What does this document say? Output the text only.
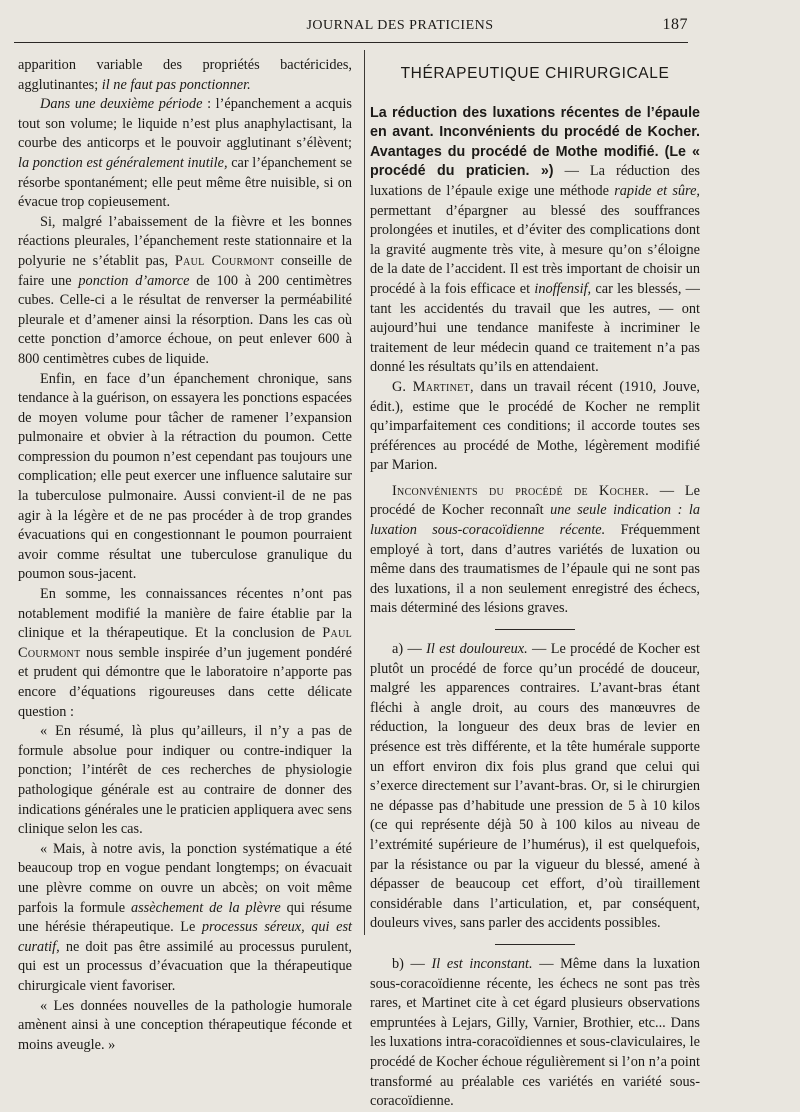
JOURNAL DES PRATICIENS	187

apparition variable des propriétés bactéricides, agglutinantes; il ne faut pas ponctionner.

Dans une deuxième période : l’épanchement a acquis tout son volume; le liquide n’est plus anaphylactisant, la courbe des anticorps et le pouvoir agglutinant s’élèvent; la ponction est généralement inutile, car l’épanchement se résorbe spontanément; elle peut même être nuisible, si on évacue trop copieusement.

Si, malgré l’abaissement de la fièvre et les bonnes réactions pleurales, l’épanchement reste stationnaire et la polyurie ne s’établit pas, Paul Courmont conseille de faire une ponction d’amorce de 100 à 200 centimètres cubes. Celle-ci a le résultat de renverser la perméabilité pleurale et d’amener ainsi la résorption. Dans les cas où cette ponction d’amorce échoue, on peut enlever 600 à 800 centimètres cubes de liquide.

Enfin, en face d’un épanchement chronique, sans tendance à la guérison, on essayera les ponctions espacées de moyen volume pour tâcher de ramener l’expansion pulmonaire et obvier à la rétraction du poumon. Cette compression du poumon n’est cependant pas toujours une complication; elle peut exercer une influence salutaire sur la tuberculose pulmonaire. Aussi convient-il de ne pas agir à la légère et de ne pas procéder à de trop grandes évacuations qui en congestionnant le poumon pourraient avoir comme résultat une tuberculose granulique du poumon sous-jacent.

En somme, les connaissances récentes n’ont pas notablement modifié la manière de faire établie par la clinique et la thérapeutique. Et la conclusion de Paul Courmont nous semble inspirée d’un jugement pondéré et prudent qui démontre que le laboratoire n’apporte pas encore d’équations rigoureuses dans cette délicate question :

« En résumé, là plus qu’ailleurs, il n’y a pas de formule absolue pour indiquer ou contre-indiquer la ponction; l’intérêt de ces recherches de physiologie pathologique générale est au contraire de donner des indications générales une le praticien appliquera avec sens clinique selon les cas.

« Mais, à notre avis, la ponction systématique a été beaucoup trop en vogue pendant longtemps; on évacuait une plèvre comme on ouvre un abcès; on voit même parfois la formule assèchement de la plèvre qui résume une hérésie thérapeutique. Le processus séreux, qui est curatif, ne doit pas être assimilé au processus purulent, qui est un processus d’évacuation que la thérapeutique chirurgicale vient favoriser.

« Les données nouvelles de la pathologie humorale amènent ainsi à une conception thérapeutique féconde et moins aveugle. »

THÉRAPEUTIQUE CHIRURGICALE

La réduction des luxations récentes de l’épaule en avant. Inconvénients du procédé de Kocher. Avantages du procédé de Mothe modifié. (Le « procédé du praticien. ») — La réduction des luxations de l’épaule exige une méthode rapide et sûre, permettant d’épargner au blessé des souffrances prolongées et inutiles, et d’éviter des complications dont la gravité augmente très vite, à mesure qu’on s’éloigne de la date de l’accident. Il est très important de choisir un procédé à la fois efficace et inoffensif, car les blessés, — tant les accidentés du travail que les autres, — ont aujourd’hui une tendance manifeste à incriminer le traitement de leur médecin quand ce traitement n’a pas donné les résultats qu’ils en attendaient.

G. Martinet, dans un travail récent (1910, Jouve, édit.), estime que le procédé de Kocher ne remplit qu’imparfaitement ces conditions; il accorde toutes ses préférences au procédé de Mothe, légèrement modifié par Marion.

Inconvénients du procédé de Kocher. — Le procédé de Kocher reconnaît une seule indication : la luxation sous-coracoïdienne récente. Fréquemment employé à tort, dans d’autres variétés de luxation ou même dans des traumatismes de l’épaule qui ne sont pas des luxations, il a non seulement enregistré des échecs, mais déterminé des lésions graves.

a) — Il est douloureux. — Le procédé de Kocher est plutôt un procédé de force qu’un procédé de douceur, malgré les apparences contraires. L’avant-bras étant fléchi à angle droit, au cours des manœuvres de réduction, la longueur des deux bras de levier en présence est très différente, et la tête humérale supporte un effort environ dix fois plus grand que celui qui s’exerce directement sur l’avant-bras. Or, si le chirurgien ne dépasse pas d’habitude une pression de 5 à 10 kilos (ce qui représente déjà 50 à 100 kilos au niveau de l’extrémité supérieure de l’humérus), il est quelquefois, par la résistance ou par la vigueur du blessé, amené à dépasser de beaucoup cet effort, d’où tiraillement considérable dans l’articulation, et, par conséquent, douleurs vives, sans parler des accidents possibles.

b) — Il est inconstant. — Même dans la luxation sous-coracoïdienne récente, les échecs ne sont pas très rares, et Martinet cite à cet égard plusieurs observations empruntées à Lejars, Gilly, Varnier, Brothier, etc... Dans les luxations intra-coracoïdiennes et sous-claviculaires, le procédé de Kocher échoue régulièrement si l’on n’a point transformé au préalable ces variétés en variété sous-coracoïdienne.
